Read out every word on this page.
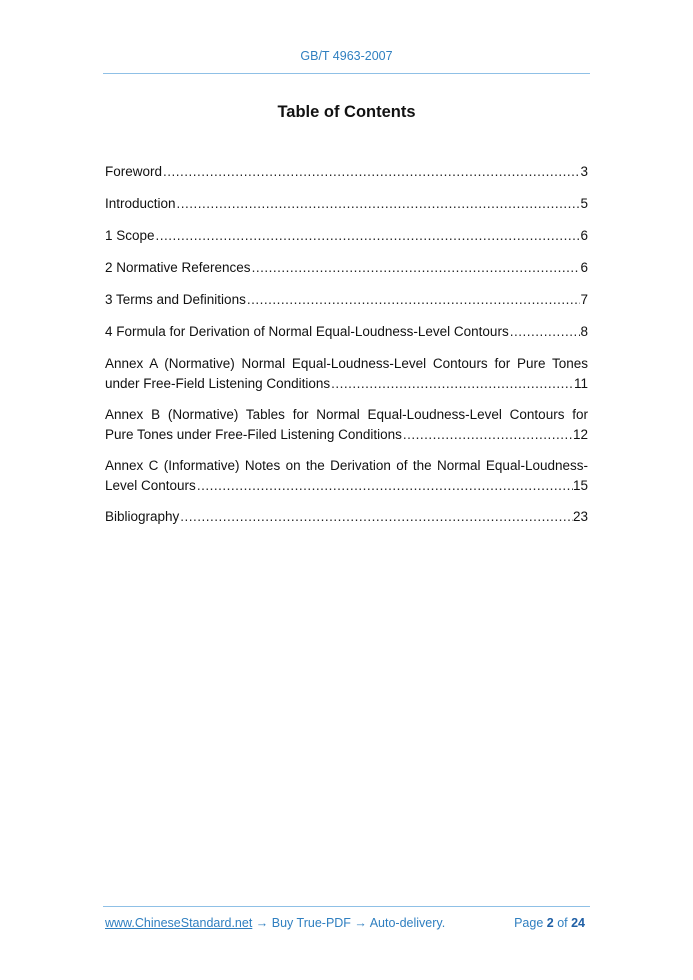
GB/T 4963-2007
Table of Contents
Foreword .....	3
Introduction .....	5
1 Scope .....	6
2 Normative References .....	6
3 Terms and Definitions .....	7
4 Formula for Derivation of Normal Equal-Loudness-Level Contours .....	8
Annex A (Normative) Normal Equal-Loudness-Level Contours for Pure Tones
under Free-Field Listening Conditions .....	11
Annex B (Normative) Tables for Normal Equal-Loudness-Level Contours for
Pure Tones under Free-Filed Listening Conditions .....	12
Annex C (Informative) Notes on the Derivation of the Normal Equal-Loudness-
Level Contours .....	15
Bibliography .....	23
www.ChineseStandard.net → Buy True-PDF → Auto-delivery.	Page 2 of 24
